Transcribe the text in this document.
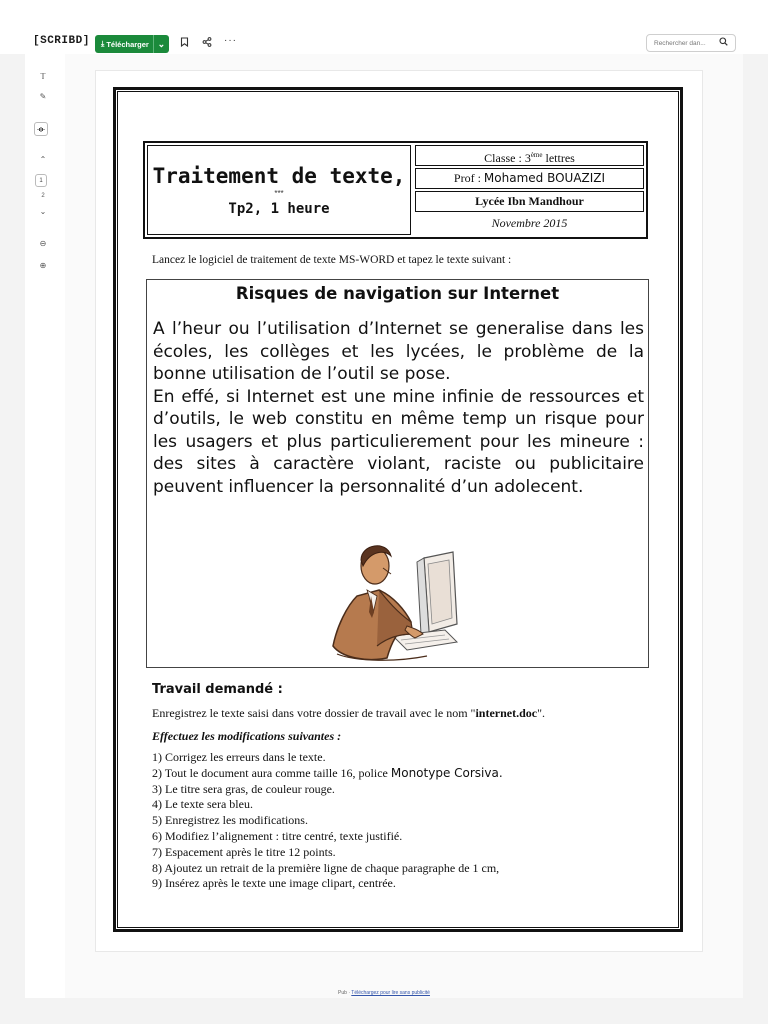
[SCRIBD] ⤓ Télécharger ⌄	···	Rechercher dan...
𝕋
✎
⌃
1
2
⌄
⊖
⊕
Traitement de texte,
***
Tp2, 1 heure
Classe : 3ème lettres
Prof : Mohamed BOUAZIZI
Lycée Ibn Mandhour
Novembre 2015
Lancez le logiciel de traitement de texte MS-WORD et tapez le texte suivant :
Risques de navigation sur Internet

A l’heur ou l’utilisation d’Internet se generalise dans les écoles, les collèges et les lycées, le problème de la bonne utilisation de l’outil se pose.

En effé, si Internet est une mine infinie de ressources et d’outils, le web constitu en même temp un risque pour les usagers et plus particulierement pour les mineure : des sites à caractère violant, raciste ou publicitaire peuvent influencer la personnalité d’un adolecent.

Travail demandé :
Enregistrez le texte saisi dans votre dossier de travail avec le nom "internet.doc".
Effectuez les modifications suivantes :
1) Corrigez les erreurs dans le texte.
2) Tout le document aura comme taille 16, police Monotype Corsiva.
3) Le titre sera gras, de couleur rouge.
4) Le texte sera bleu.
5) Enregistrez les modifications.
6) Modifiez l’alignement : titre centré, texte justifié.
7) Espacement après le titre 12 points.
8) Ajoutez un retrait de la première ligne de chaque paragraphe de 1 cm,
9) Insérez après le texte une image clipart, centrée.
Pub · Téléchargez pour lire sans publicité
